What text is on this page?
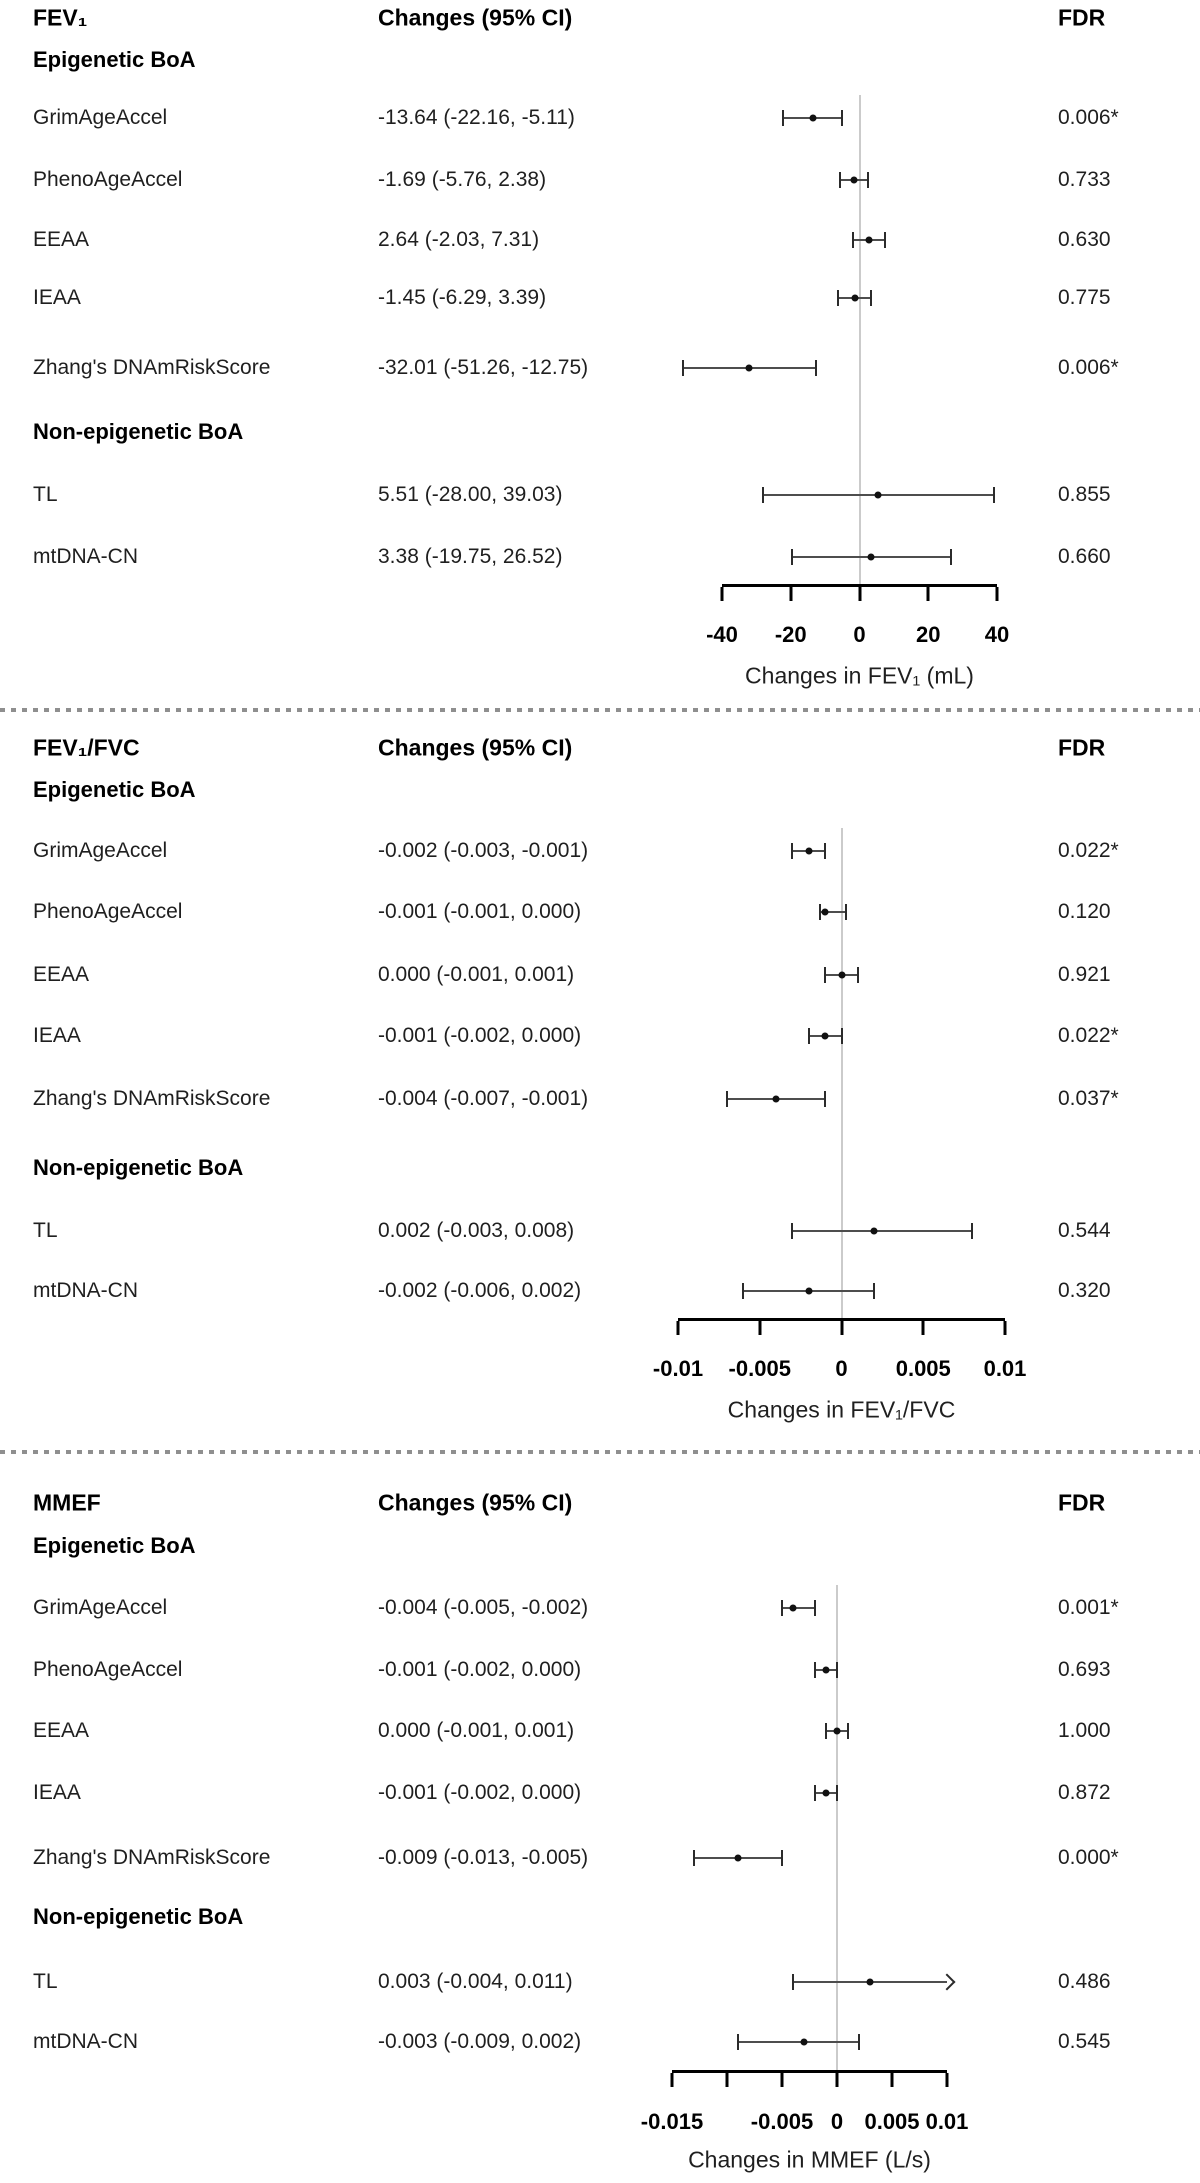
FEV₁	Changes (95% CI)	FDR
Epigenetic BoA
Non-epigenetic BoA
FEV₁/FVC	Changes (95% CI)	FDR
Epigenetic BoA
Non-epigenetic BoA
MMEF	Changes (95% CI)	FDR
Epigenetic BoA
Non-epigenetic BoA
-40 -20 0 20 40
Changes in FEV₁ (mL)
GrimAgeAccel	-13.64 (-22.16, -5.11)	0.006*
PhenoAgeAccel	-1.69 (-5.76, 2.38)	0.733
EEAA	2.64 (-2.03, 7.31)	0.630
IEAA	-1.45 (-6.29, 3.39)	0.775
Zhang's DNAmRiskScore	-32.01 (-51.26, -12.75)	0.006*
TL	5.51 (-28.00, 39.03)	0.855
mtDNA-CN	3.38 (-19.75, 26.52)	0.660
-0.01 -0.005 0 0.005 0.01
Changes in FEV₁/FVC
GrimAgeAccel	-0.002 (-0.003, -0.001)	0.022*
PhenoAgeAccel	-0.001 (-0.001, 0.000)	0.120
EEAA	0.000 (-0.001, 0.001)	0.921
IEAA	-0.001 (-0.002, 0.000)	0.022*
Zhang's DNAmRiskScore	-0.004 (-0.007, -0.001)	0.037*
TL	0.002 (-0.003, 0.008)	0.544
mtDNA-CN	-0.002 (-0.006, 0.002)	0.320
-0.015 -0.005 0 0.005 0.01
Changes in MMEF (L/s)
GrimAgeAccel	-0.004 (-0.005, -0.002)	0.001*
PhenoAgeAccel	-0.001 (-0.002, 0.000)	0.693
EEAA	0.000 (-0.001, 0.001)	1.000
IEAA	-0.001 (-0.002, 0.000)	0.872
Zhang's DNAmRiskScore	-0.009 (-0.013, -0.005)	0.000*
TL	0.003 (-0.004, 0.011)	0.486
mtDNA-CN	-0.003 (-0.009, 0.002)	0.545
